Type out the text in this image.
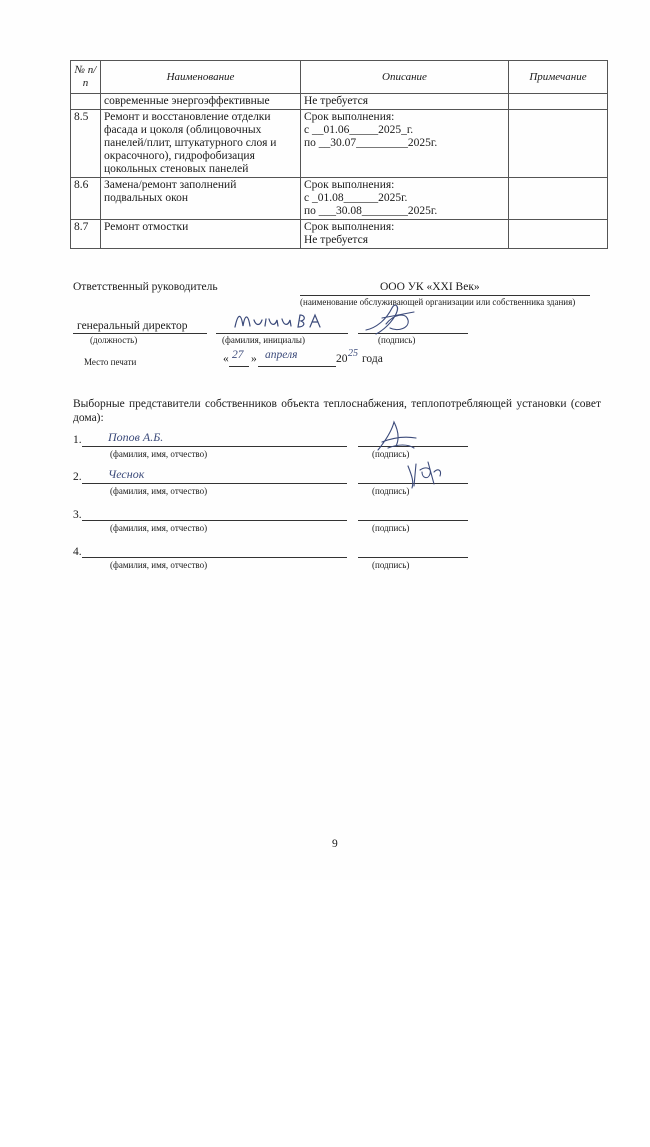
№ п/п	Наименование	Описание	Примечание
	современные энергоэффективные	Не требуется	
8.5	Ремонт и восстановление отделки фасада и цоколя (облицовочных панелей/плит, штукатурного слоя и окрасочного), гидрофобизация цокольных стеновых панелей	Срок выполнения:
с __01.06_____2025_г.
по __30.07_________2025г.	
8.6	Замена/ремонт заполнений подвальных окон	Срок выполнения:
с _01.08______2025г.
по ___30.08________2025г.	
8.7	Ремонт отмостки	Срок выполнения:
Не требуется	
Ответственный руководитель	ООО УК «XXI Век»
(наименование обслуживающей организации или собственника здания)
генеральный директор
(должность)	(фамилия, инициалы)	(подпись)
Место печати	« 27 » апреля	20 25 года
Выборные представители собственников объекта теплоснабжения, теплопотребляющей установки (совет дома):
1. Попов А.Б.
(фамилия, имя, отчество)	(подпись)
2. Чеснок
(фамилия, имя, отчество)	(подпись)
3.
(фамилия, имя, отчество)	(подпись)
4.
(фамилия, имя, отчество)	(подпись)
9
